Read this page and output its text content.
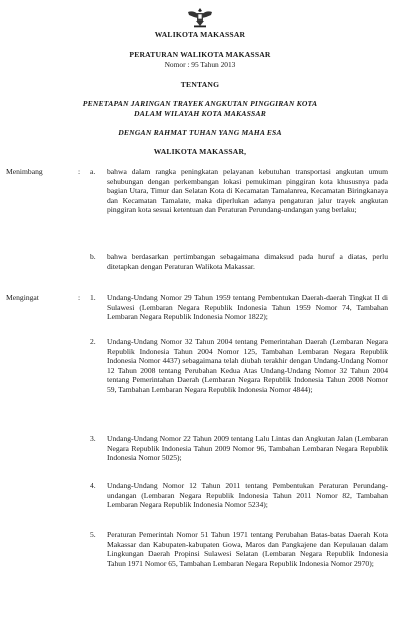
WALIKOTA MAKASSAR
PERATURAN WALIKOTA MAKASSAR
Nomor : 95 Tahun 2013
TENTANG
PENETAPAN JARINGAN TRAYEK ANGKUTAN PINGGIRAN KOTA
DALAM WILAYAH KOTA MAKASSAR
DENGAN RAHMAT TUHAN YANG MAHA ESA
WALIKOTA MAKASSAR,
Menimbang	: a. bahwa dalam rangka peningkatan pelayanan kebutuhan transportasi angkutan umum sehubungan dengan perkembangan lokasi pemukiman pinggiran kota khususnya pada bagian Utara, Timur dan Selatan Kota di Kecamatan Tamalanrea, Kecamatan Biringkanaya dan Kecamatan Tamalate, maka diperlukan adanya pengaturan jalur trayek angkutan pinggiran kota sesuai ketentuan dan Peraturan Perundang-undangan yang berlaku;

b. bahwa berdasarkan pertimbangan sebagaimana dimaksud pada huruf a diatas, perlu ditetapkan dengan Peraturan Walikota Makassar.

Mengingat	: 1. Undang-Undang Nomor 29 Tahun 1959 tentang Pembentukan Daerah-daerah Tingkat II di Sulawesi (Lembaran Negara Republik Indonesia Tahun 1959 Nomor 74, Tambahan Lembaran Negara Republik Indonesia Nomor 1822);

2. Undang-Undang Nomor 32 Tahun 2004 tentang Pemerintahan Daerah (Lembaran Negara Republik Indonesia Tahun 2004 Nomor 125, Tambahan Lembaran Negara Republik Indonesia Nomor 4437) sebagaimana telah diubah terakhir dengan Undang-Undang Nomor 12 Tahun 2008 tentang Perubahan Kedua Atas Undang-Undang Nomor 32 Tahun 2004 tentang Pemerintahan Daerah (Lembaran Negara Republik Indonesia Tahun 2008 Nomor 59, Tambahan Lembaran Negara Republik Indonesia Nomor 4844);

3. Undang-Undang Nomor 22 Tahun 2009 tentang Lalu Lintas dan Angkutan Jalan (Lembaran Negara Republik Indonesia Tahun 2009 Nomor 96, Tambahan Lembaran Negara Republik Indonesia Nomor 5025);

4. Undang-Undang Nomor 12 Tahun 2011 tentang Pembentukan Peraturan Perundang-undangan (Lembaran Negara Republik Indonesia Tahun 2011 Nomor 82, Tambahan Lembaran Negara Republik Indonesia Nomor 5234);

5. Peraturan Pemerintah Nomor 51 Tahun 1971 tentang Perubahan Batas-batas Daerah Kota Makassar dan Kabupaten-kabupaten Gowa, Maros dan Pangkajene dan Kepulauan dalam Lingkungan Daerah Propinsi Sulawesi Selatan (Lembaran Negara Republik Indonesia Tahun 1971 Nomor 65, Tambahan Lembaran Negara Republik Indonesia Nomor 2970);
